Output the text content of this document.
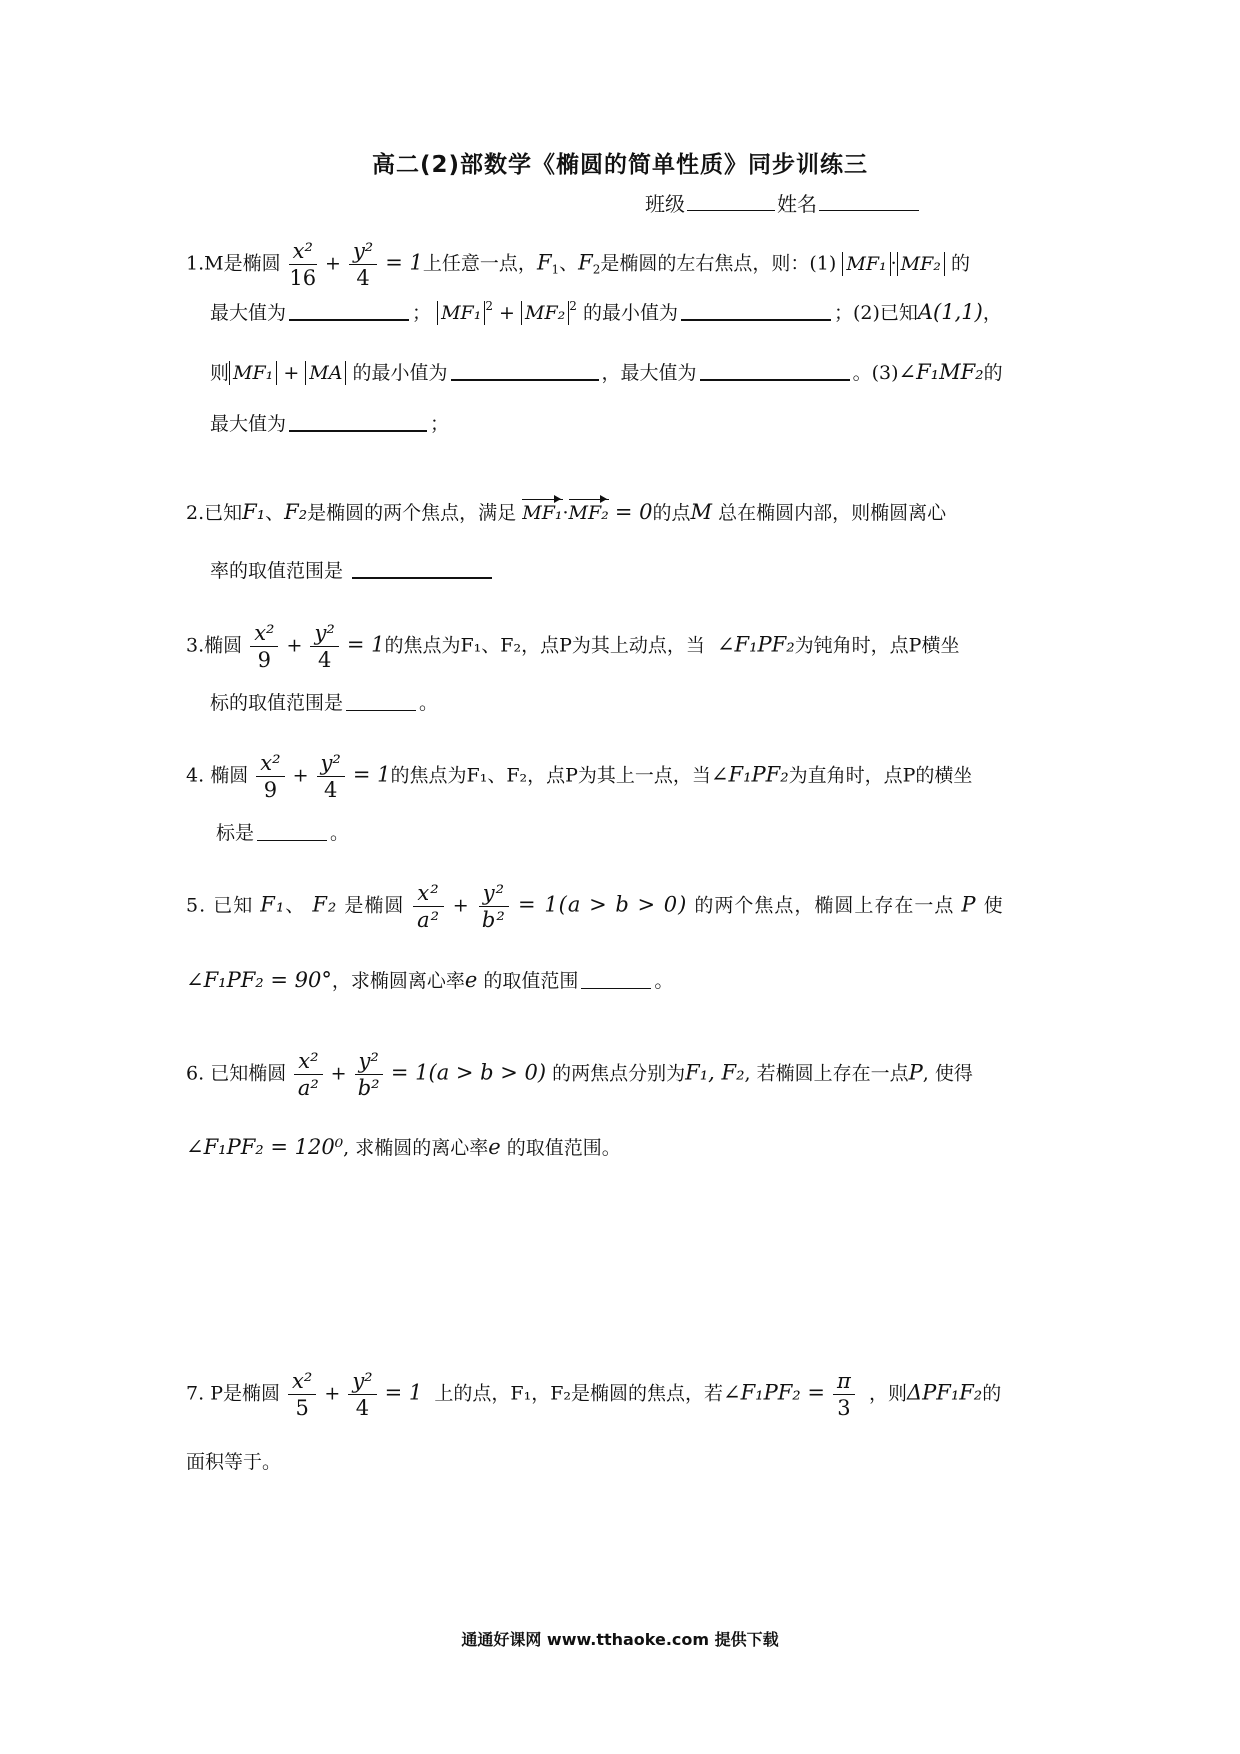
高二(2)部数学《椭圆的简单性质》同步训练三
班级	姓名
1.M是椭圆 $\frac{\text{x²}}{16} + \frac{\text{y²}}{4} = 1$上任意一点，$F_1$、$F_2$是椭圆的左右焦点，则：(1) MF₁ · MF₂ 的
最大值为	； MF₁ $^2$ + MF₂ $^2$ 的最小值为	；(2)已知A(1,1)，
则 MF₁ + MA 的最小值为	，最大值为	。(3)∠F₁MF₂的
最大值为	；
2.已知F₁、F₂是椭圆的两个焦点，满足 MF₁·MF₂ = 0的点M 总在椭圆内部，则椭圆离心
率的取值范围是
3.椭圆 $\frac{\text{x²}}{9} + \frac{\text{y²}}{4} = 1$的焦点为F₁、F₂，点P为其上动点，当 ∠F₁PF₂为钝角时，点P横坐
标的取值范围是	。
4. 椭圆 $\frac{\text{x²}}{9} + \frac{\text{y²}}{4} = 1$的焦点为F₁、F₂，点P为其上一点，当∠F₁PF₂为直角时，点P的横坐
标是	。
5. 已知 F₁、 F₂ 是椭圆 $\frac{\text{x²}}{\text{a²}} + \frac{\text{y²}}{\text{b²}} = 1(a > b > 0)$ 的两个焦点，椭圆上存在一点 P 使
∠F₁PF₂ = 90°，求椭圆离心率e 的取值范围	。
6. 已知椭圆 $\frac{\text{x²}}{\text{a²}} + \frac{\text{y²}}{\text{b²}} = 1(a > b > 0)$ 的两焦点分别为F₁, F₂, 若椭圆上存在一点P, 使得
∠F₁PF₂ = 120⁰, 求椭圆的离心率e 的取值范围。
7. P是椭圆 $\frac{\text{x²}}{5} + \frac{\text{y²}}{4} = 1$ 上的点，F₁，F₂是椭圆的焦点，若∠F₁PF₂ = $\frac{\pi}{3}$ ，则ΔPF₁F₂的
面积等于。
通通好课网 www.tthaoke.com 提供下载
